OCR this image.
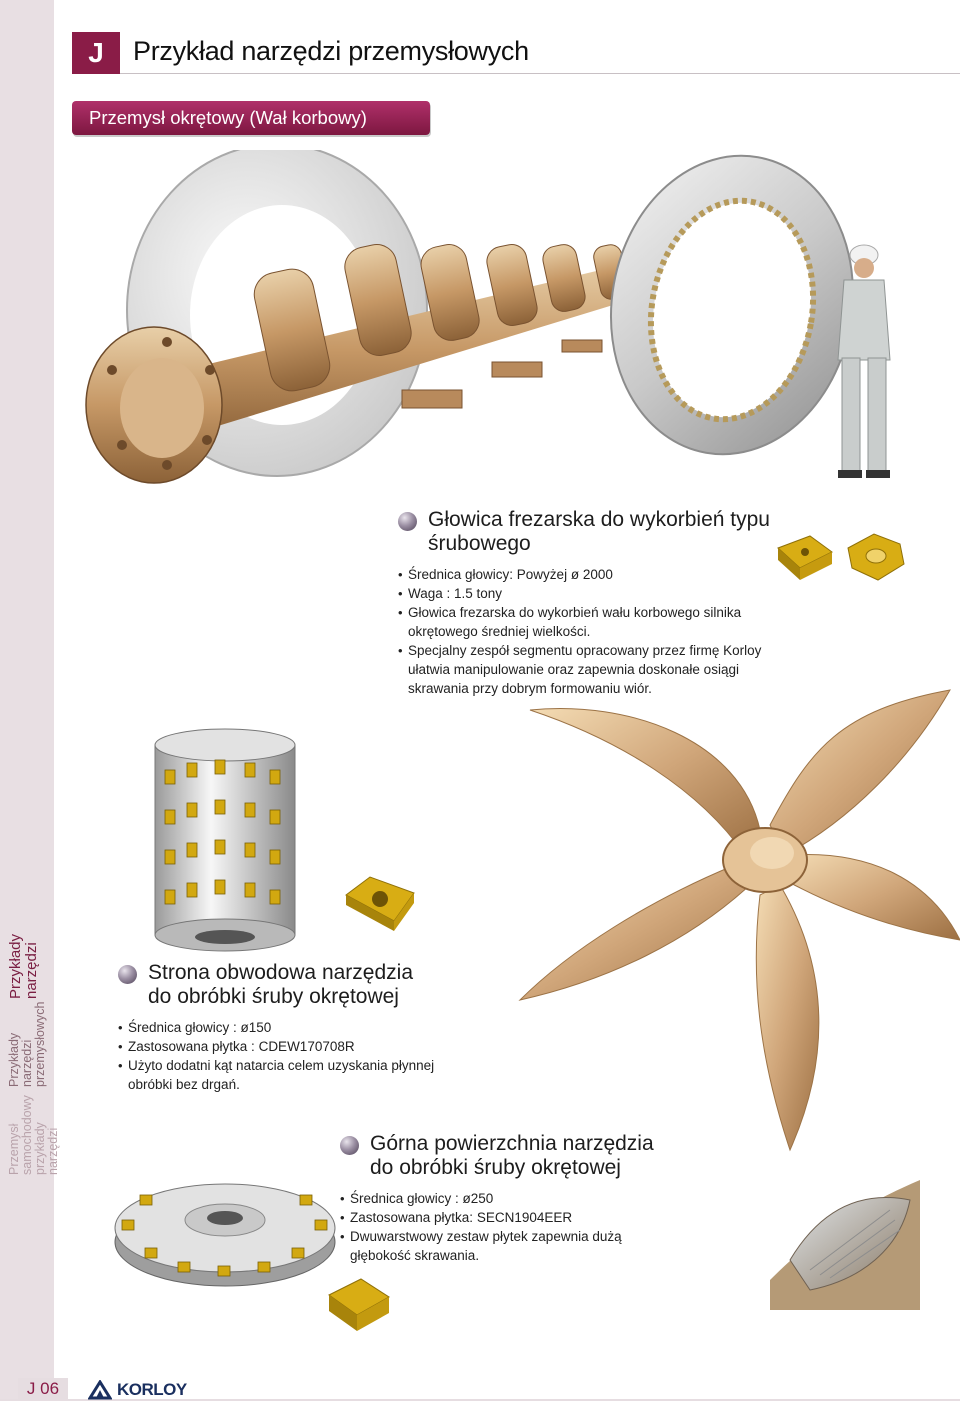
Przykłady narzędzi
Przykłady narzędzi przemysłowych
Przemysł samochodowy przykłady narzędzi
J	Przykład narzędzi przemysłowych
Przemysł okrętowy (Wał korbowy)
Głowica frezarska do wykorbień typu śrubowego
• Średnica głowicy: Powyżej ø 2000
• Waga : 1.5 tony
• Głowica frezarska do wykorbień wału korbowego silnika okrętowego średniej wielkości.
• Specjalny zespół segmentu opracowany przez firmę Korloy ułatwia manipulowanie oraz zapewnia doskonałe osiągi skrawania przy dobrym formowaniu wiór.
Strona obwodowa narzędzia
do obróbki śruby okrętowej
• Średnica głowicy : ø150
• Zastosowana płytka : CDEW170708R
• Użyto dodatni kąt natarcia celem uzyskania płynnej obróbki bez drgań.
Górna powierzchnia narzędzia
do obróbki śruby okrętowej
• Średnica głowicy : ø250
• Zastosowana płytka: SECN1904EER
• Dwuwarstwowy zestaw płytek zapewnia dużą głębokość skrawania.
J 06	KORLOY
